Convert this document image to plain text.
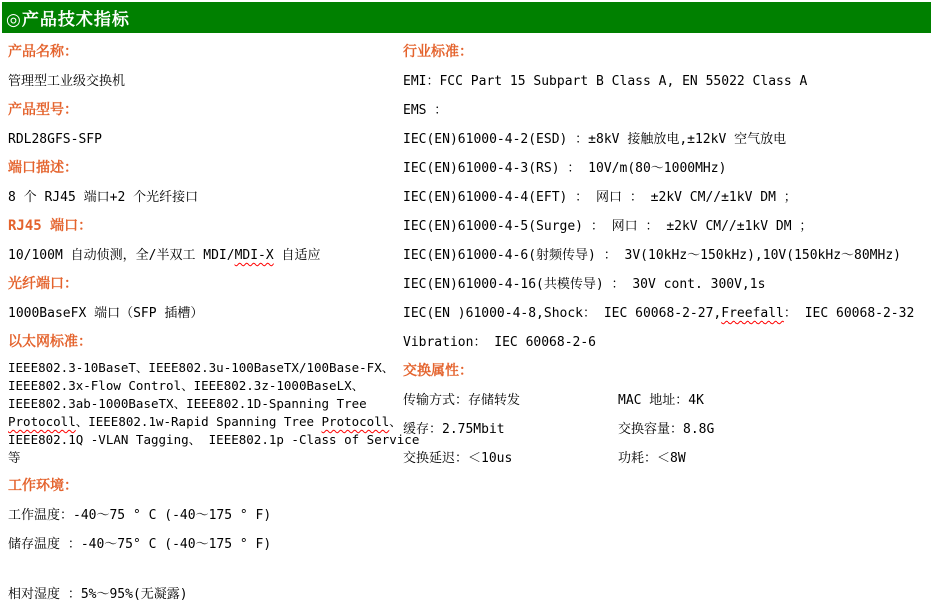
◎产品技术指标
产品名称：
管理型工业级交换机
产品型号：
RDL28GFS-SFP
端口描述：
8 个 RJ45 端口+2 个光纤接口
RJ45 端口：
10/100M 自动侦测，全/半双工 MDI/MDI-X 自适应
光纤端口：
1000BaseFX 端口（SFP 插槽）
以太网标准：
IEEE802.3-10BaseT、IEEE802.3u-100BaseTX/100Base-FX、
IEEE802.3x-Flow Control、IEEE802.3z-1000BaseLX、
IEEE802.3ab-1000BaseTX、IEEE802.1D-Spanning Tree
Protocoll、IEEE802.1w-Rapid Spanning Tree Protocoll、
IEEE802.1Q -VLAN Tagging、 IEEE802.1p -Class of Service
等
工作环境：
工作温度：-40～75 ° C (-40～175 ° F)
储存温度 ：-40～75° C (-40～175 ° F)
相对湿度 ：5%～95%(无凝露)
行业标准：
EMI：FCC Part 15 Subpart B Class A, EN 55022 Class A
EMS ：
IEC(EN)61000-4-2(ESD) ：±8kV 接触放电,±12kV 空气放电
IEC(EN)61000-4-3(RS) ： 10V/m(80～1000MHz)
IEC(EN)61000-4-4(EFT) ： 网口 ： ±2kV CM//±1kV DM ；
IEC(EN)61000-4-5(Surge) ： 网口 ： ±2kV CM//±1kV DM ；
IEC(EN)61000-4-6(射频传导) ： 3V(10kHz～150kHz),10V(150kHz～80MHz)
IEC(EN)61000-4-16(共模传导) ： 30V cont. 300V,1s
IEC(EN )61000-4-8,Shock： IEC 60068-2-27,Freefall： IEC 60068-2-32
Vibration： IEC 60068-2-6
交换属性：
传输方式：存储转发	MAC 地址：4K
缓存：2.75Mbit	交换容量：8.8G
交换延迟：＜10us	功耗：＜8W
